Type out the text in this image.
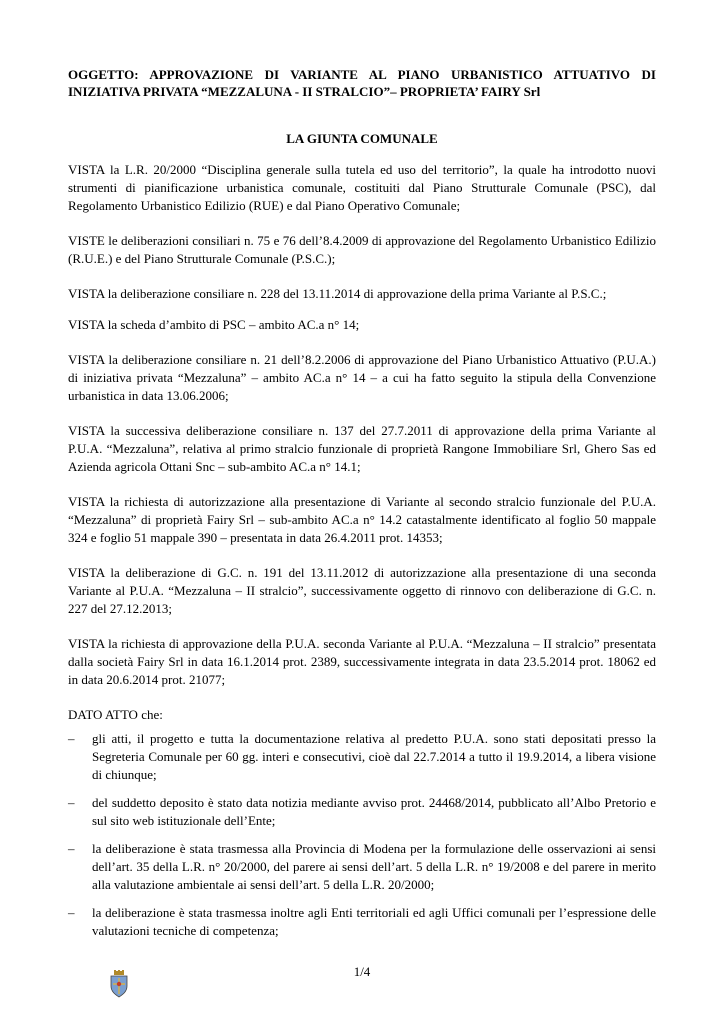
OGGETTO: APPROVAZIONE DI VARIANTE AL PIANO URBANISTICO ATTUATIVO DI INIZIATIVA PRIVATA “MEZZALUNA - II STRALCIO”– PROPRIETA’ FAIRY Srl

LA GIUNTA COMUNALE

VISTA la L.R. 20/2000 “Disciplina generale sulla tutela ed uso del territorio”, la quale ha introdotto nuovi strumenti di pianificazione urbanistica comunale, costituiti dal Piano Strutturale Comunale (PSC), dal Regolamento Urbanistico Edilizio (RUE) e dal Piano Operativo Comunale;

VISTE le deliberazioni consiliari n. 75 e 76 dell’8.4.2009 di approvazione del Regolamento Urbanistico Edilizio (R.U.E.) e del Piano Strutturale Comunale (P.S.C.);

VISTA la deliberazione consiliare n. 228 del 13.11.2014 di approvazione della prima Variante al P.S.C.;

VISTA la scheda d’ambito di PSC – ambito AC.a n° 14;

VISTA la deliberazione consiliare n. 21 dell’8.2.2006 di approvazione del Piano Urbanistico Attuativo (P.U.A.) di iniziativa privata “Mezzaluna” – ambito AC.a n° 14 – a cui ha fatto seguito la stipula della Convenzione urbanistica in data 13.06.2006;

VISTA la successiva deliberazione consiliare n. 137 del 27.7.2011 di approvazione della prima Variante al P.U.A. “Mezzaluna”, relativa al primo stralcio funzionale di proprietà Rangone Immobiliare Srl, Ghero Sas ed Azienda agricola Ottani Snc – sub-ambito AC.a n° 14.1;

VISTA la richiesta di autorizzazione alla presentazione di Variante al secondo stralcio funzionale del P.U.A. “Mezzaluna” di proprietà Fairy Srl – sub-ambito AC.a n° 14.2 catastalmente identificato al foglio 50 mappale 324 e foglio 51 mappale 390 – presentata in data 26.4.2011 prot. 14353;

VISTA la deliberazione di G.C. n. 191 del 13.11.2012 di autorizzazione alla presentazione di una seconda Variante al P.U.A. “Mezzaluna – II stralcio”, successivamente oggetto di rinnovo con deliberazione di G.C. n. 227 del 27.12.2013;

VISTA la richiesta di approvazione della P.U.A. seconda Variante al P.U.A. “Mezzaluna – II stralcio” presentata dalla società Fairy Srl in data 16.1.2014 prot. 2389, successivamente integrata in data 23.5.2014 prot. 18062 ed in data 20.6.2014 prot. 21077;

DATO ATTO che:

– gli atti, il progetto e tutta la documentazione relativa al predetto P.U.A. sono stati depositati presso la Segreteria Comunale per 60 gg. interi e consecutivi, cioè dal 22.7.2014 a tutto il 19.9.2014, a libera visione di chiunque;
– del suddetto deposito è stato data notizia mediante avviso prot. 24468/2014, pubblicato all’Albo Pretorio e sul sito web istituzionale dell’Ente;
– la deliberazione è stata trasmessa alla Provincia di Modena per la formulazione delle osservazioni ai sensi dell’art. 35 della L.R. n° 20/2000, del parere ai sensi dell’art. 5 della L.R. n° 19/2008 e del parere in merito alla valutazione ambientale ai sensi dell’art. 5 della L.R. 20/2000;
– la deliberazione è stata trasmessa inoltre agli Enti territoriali ed agli Uffici comunali per l’espressione delle valutazioni tecniche di competenza;
1/4
